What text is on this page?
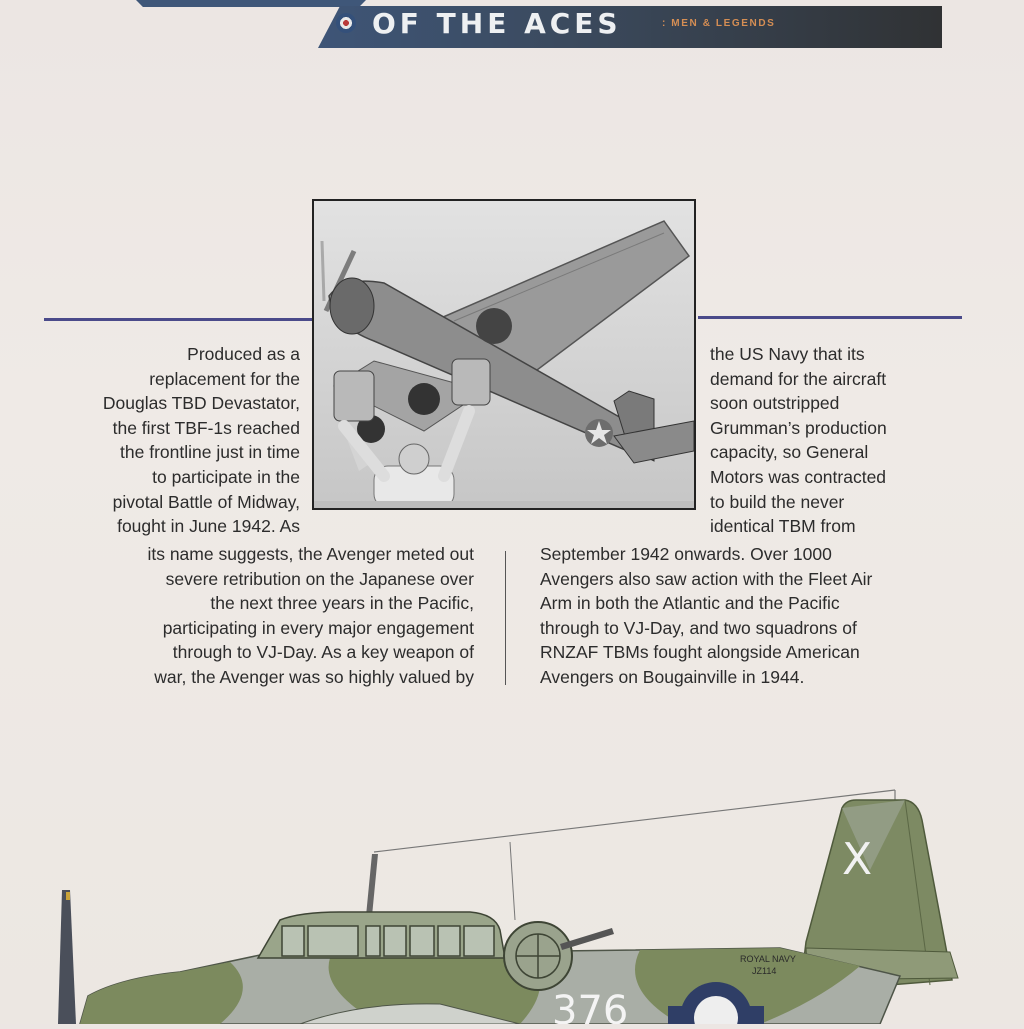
OF THE ACES	: MEN & LEGENDS
Produced as a
replacement for the
Douglas TBD Devastator,
the first TBF-1s reached
the frontline just in time
to participate in the
pivotal Battle of Midway,
fought in June 1942. As
its name suggests, the Avenger meted out
severe retribution on the Japanese over
the next three years in the Pacific,
participating in every major engagement
through to VJ-Day. As a key weapon of
war, the Avenger was so highly valued by
the US Navy that its
demand for the aircraft
soon outstripped
Grumman’s production
capacity, so General
Motors was contracted
to build the never
identical TBM from
September 1942 onwards. Over 1000
Avengers also saw action with the Fleet Air
Arm in both the Atlantic and the Pacific
through to VJ-Day, and two squadrons of
RNZAF TBMs fought alongside American
Avengers on Bougainville in 1944.
ROYAL NAVY
JZ114
X
376
